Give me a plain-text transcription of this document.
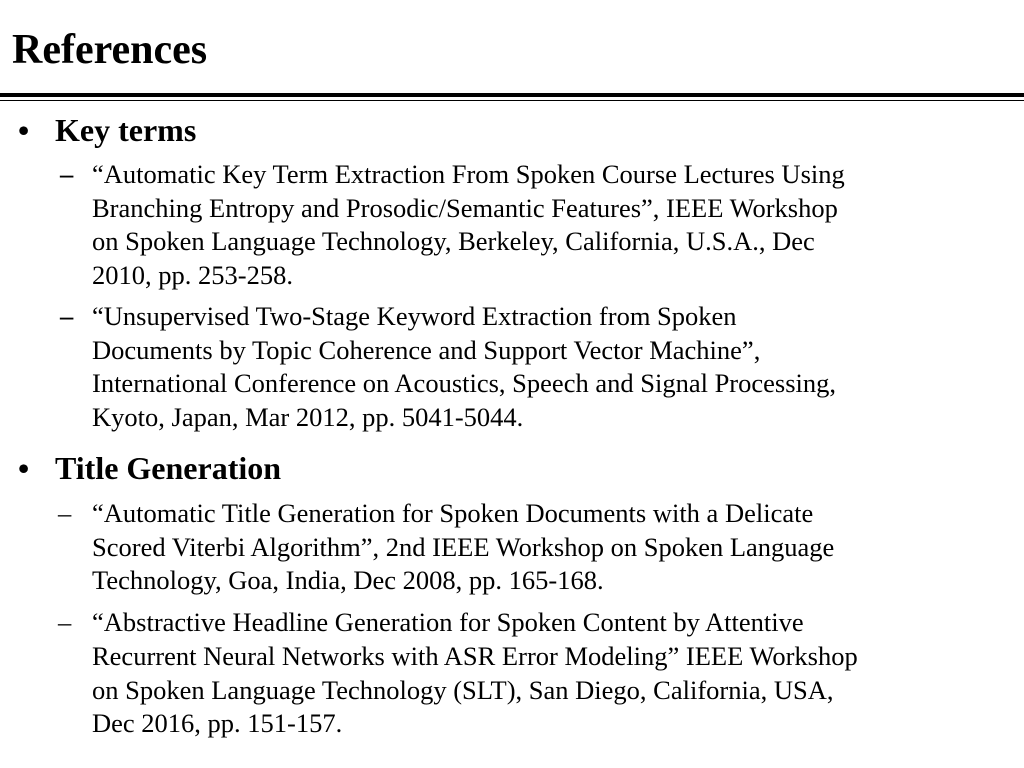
References
• Key terms
– “Automatic Key Term Extraction From Spoken Course Lectures Using
Branching Entropy and Prosodic/Semantic Features”, IEEE Workshop
on Spoken Language Technology, Berkeley, California, U.S.A., Dec
2010, pp. 253-258.
– “Unsupervised Two-Stage Keyword Extraction from Spoken
Documents by Topic Coherence and Support Vector Machine”,
International Conference on Acoustics, Speech and Signal Processing,
Kyoto, Japan, Mar 2012, pp. 5041-5044.
• Title Generation
– “Automatic Title Generation for Spoken Documents with a Delicate
Scored Viterbi Algorithm”, 2nd IEEE Workshop on Spoken Language
Technology, Goa, India, Dec 2008, pp. 165-168.
– “Abstractive Headline Generation for Spoken Content by Attentive
Recurrent Neural Networks with ASR Error Modeling” IEEE Workshop
on Spoken Language Technology (SLT), San Diego, California, USA,
Dec 2016, pp. 151-157.
